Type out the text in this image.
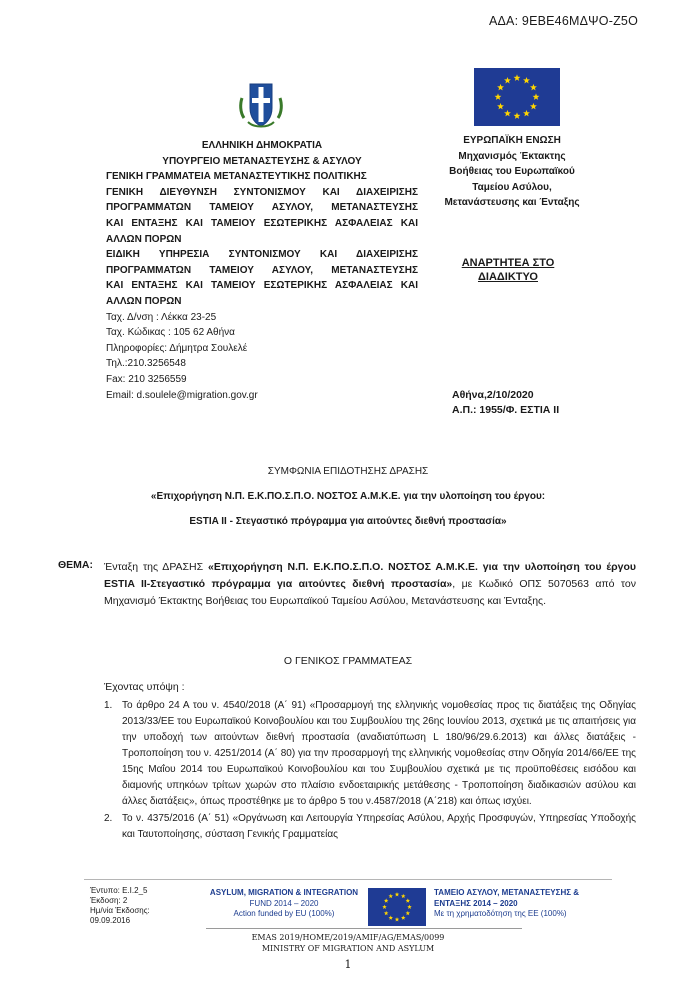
ΑΔΑ: 9ΕΒΕ46ΜΔΨΟ-Ζ5Ο
ΕΛΛΗΝΙΚΗ ΔΗΜΟΚΡΑΤΙΑ
ΥΠΟΥΡΓΕΙΟ ΜΕΤΑΝΑΣΤΕΥΣΗΣ & ΑΣΥΛΟΥ
ΓΕΝΙΚΗ ΓΡΑΜΜΑΤΕΙΑ ΜΕΤΑΝΑΣΤΕΥΤΙΚΗΣ ΠΟΛΙΤΙΚΗΣ
ΓΕΝΙΚΗ ΔΙΕΥΘΥΝΣΗ ΣΥΝΤΟΝΙΣΜΟΥ ΚΑΙ ΔΙΑΧΕΙΡΙΣΗΣ
ΠΡΟΓΡΑΜΜΑΤΩΝ ΤΑΜΕΙΟΥ ΑΣΥΛΟΥ, ΜΕΤΑΝΑΣΤΕΥΣΗΣ
ΚΑΙ ΕΝΤΑΞΗΣ ΚΑΙ ΤΑΜΕΙΟΥ ΕΣΩΤΕΡΙΚΗΣ ΑΣΦΑΛΕΙΑΣ ΚΑΙ
ΑΛΛΩΝ ΠΟΡΩΝ
ΕΙΔΙΚΗ ΥΠΗΡΕΣΙΑ ΣΥΝΤΟΝΙΣΜΟΥ ΚΑΙ ΔΙΑΧΕΙΡΙΣΗΣ
ΠΡΟΓΡΑΜΜΑΤΩΝ ΤΑΜΕΙΟΥ ΑΣΥΛΟΥ, ΜΕΤΑΝΑΣΤΕΥΣΗΣ
ΚΑΙ ΕΝΤΑΞΗΣ ΚΑΙ ΤΑΜΕΙΟΥ ΕΣΩΤΕΡΙΚΗΣ ΑΣΦΑΛΕΙΑΣ ΚΑΙ
ΑΛΛΩΝ ΠΟΡΩΝ
Ταχ. Δ/νση : Λέκκα 23-25
Ταχ. Κώδικας : 105 62 Αθήνα
Πληροφορίες: Δήμητρα Σουλελέ
Τηλ.:210.3256548
Fax: 210 3256559
Email: d.soulele@migration.gov.gr
ΕΥΡΩΠΑΪΚΗ ΕΝΩΣΗ
Μηχανισμός Έκτακτης
Βοήθειας του Ευρωπαϊκού
Ταμείου Ασύλου,
Μετανάστευσης και Ένταξης
ΑΝΑΡΤΗΤΕΑ ΣΤΟ
ΔΙΑΔΙΚΤΥΟ
Αθήνα,2/10/2020
Α.Π.: 1955/Φ. ΕΣΤΙΑ ΙΙ
ΣΥΜΦΩΝΙΑ ΕΠΙΔΟΤΗΣΗΣ ΔΡΑΣΗΣ
«Επιχορήγηση Ν.Π. Ε.Κ.ΠΟ.Σ.Π.Ο. ΝΟΣΤΟΣ Α.Μ.Κ.Ε. για την υλοποίηση του έργου:
ESTIA II - Στεγαστικό πρόγραμμα για αιτούντες διεθνή προστασία»
ΘΕΜΑ: Ένταξη της ΔΡΑΣΗΣ «Επιχορήγηση Ν.Π. Ε.Κ.ΠΟ.Σ.Π.Ο. ΝΟΣΤΟΣ Α.Μ.Κ.Ε. για την υλοποίηση του έργου ESTIA II-Στεγαστικό πρόγραμμα για αιτούντες διεθνή προστασία», με Κωδικό ΟΠΣ 5070563 από τον Μηχανισμό Έκτακτης Βοήθειας του Ευρωπαϊκού Ταμείου Ασύλου, Μετανάστευσης και Ένταξης.
Ο ΓΕΝΙΚΟΣ ΓΡΑΜΜΑΤΕΑΣ
Έχοντας υπόψη :
1. Το άρθρο 24 Α του ν. 4540/2018 (Α΄ 91) «Προσαρμογή της ελληνικής νομοθεσίας προς τις διατάξεις της Οδηγίας 2013/33/ΕΕ του Ευρωπαϊκού Κοινοβουλίου και του Συμβουλίου της 26ης Ιουνίου 2013, σχετικά με τις απαιτήσεις για την υποδοχή των αιτούντων διεθνή προστασία (αναδιατύπωση L 180/96/29.6.2013) και άλλες διατάξεις - Τροποποίηση του ν. 4251/2014 (Α΄ 80) για την προσαρμογή της ελληνικής νομοθεσίας στην Οδηγία 2014/66/ΕΕ της 15ης Μαΐου 2014 του Ευρωπαϊκού Κοινοβουλίου και του Συμβουλίου σχετικά με τις προϋποθέσεις εισόδου και διαμονής υπηκόων τρίτων χωρών στο πλαίσιο ενδοεταιρικής μετάθεσης - Τροποποίηση διαδικασιών ασύλου και άλλες διατάξεις», όπως προστέθηκε με το άρθρο 5 του ν.4587/2018 (Α΄218) και όπως ισχύει.
2. Το ν. 4375/2016 (Α΄ 51) «Οργάνωση και Λειτουργία Υπηρεσίας Ασύλου, Αρχής Προσφυγών, Υπηρεσίας Υποδοχής και Ταυτοποίησης, σύσταση Γενικής Γραμματείας
Έντυπο: Ε.Ι.2_5
Έκδοση: 2
Ημ/νία Έκδοσης:
09.09.2016
ASYLUM, MIGRATION & INTEGRATION
FUND 2014 – 2020
Action funded by EU (100%)
ΤΑΜΕΙΟ ΑΣΥΛΟΥ, ΜΕΤΑΝΑΣΤΕΥΣΗΣ &
ΕΝΤΑΞΗΣ 2014 – 2020
Με τη χρηματοδότηση της ΕΕ (100%)
EMAS 2019/HOME/2019/AMIF/AG/EMAS/0099
MINISTRY OF MIGRATION AND ASYLUM
1
